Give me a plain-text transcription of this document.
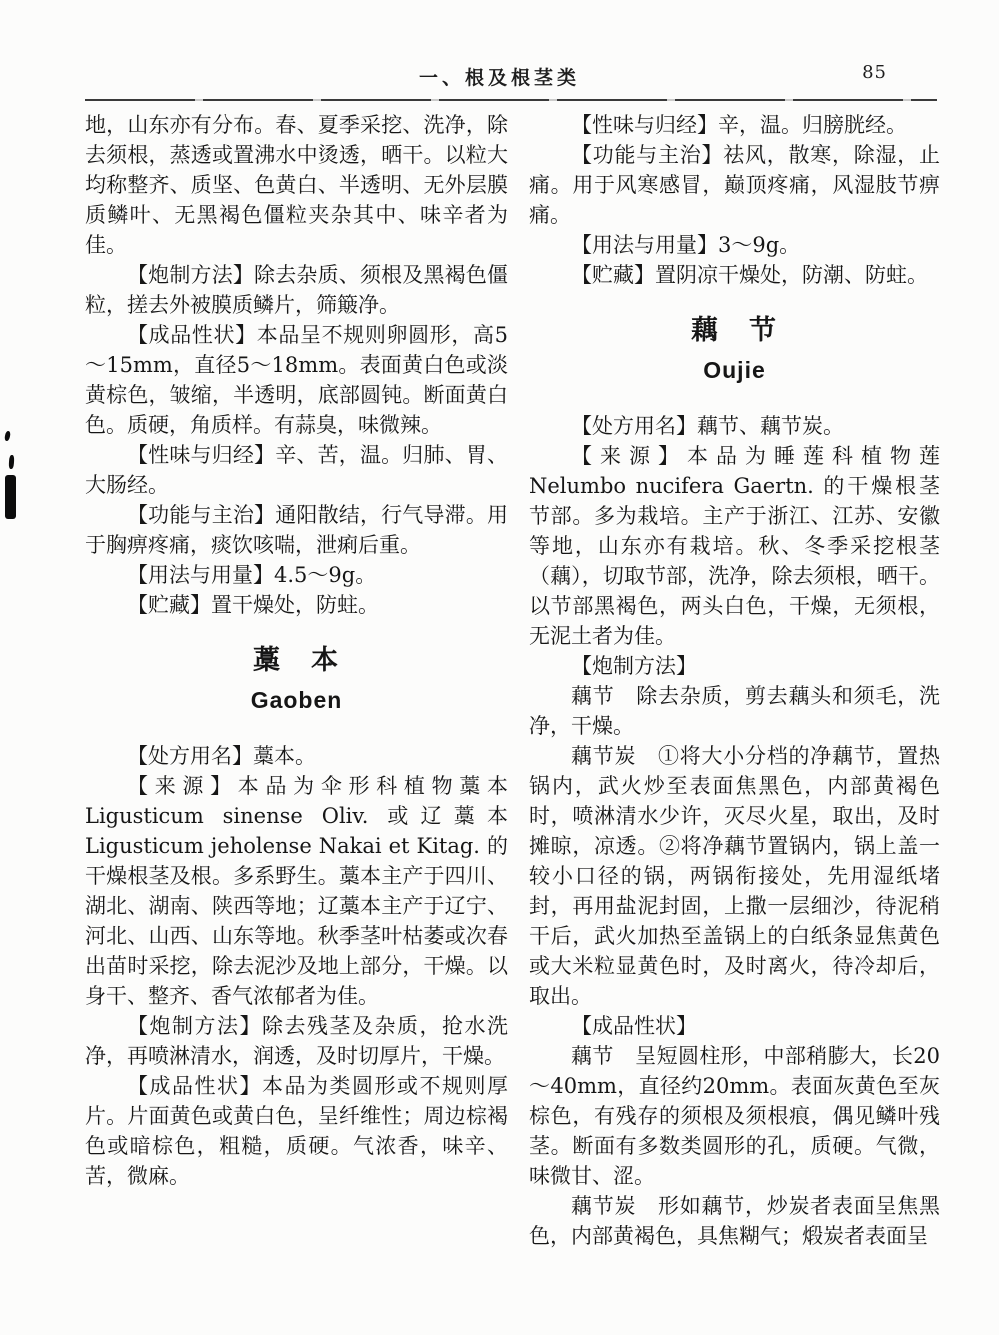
一、根及根茎类	85

地，山东亦有分布。春、夏季采挖、洗净，除去须根，蒸透或置沸水中烫透，晒干。以粒大均称整齐、质坚、色黄白、半透明、无外层膜质鳞叶、无黑褐色僵粒夹杂其中、味辛者为佳。

【炮制方法】除去杂质、须根及黑褐色僵粒，搓去外被膜质鳞片，筛簸净。

【成品性状】本品呈不规则卵圆形，高5～15mm，直径5～18mm。表面黄白色或淡黄棕色，皱缩，半透明，底部圆钝。断面黄白色。质硬，角质样。有蒜臭，味微辣。

【性味与归经】辛、苦，温。归肺、胃、大肠经。

【功能与主治】通阳散结，行气导滞。用于胸痹疼痛，痰饮咳喘，泄痢后重。

【用法与用量】4.5～9g。

【贮藏】置干燥处，防蛀。

藁　本

Gaoben

【处方用名】藁本。

【来源】本品为伞形科植物藁本Ligusticum sinense Oliv. 或辽藁本Ligusticum jeholense Nakai et Kitag. 的干燥根茎及根。多系野生。藁本主产于四川、湖北、湖南、陕西等地；辽藁本主产于辽宁、河北、山西、山东等地。秋季茎叶枯萎或次春出苗时采挖，除去泥沙及地上部分，干燥。以身干、整齐、香气浓郁者为佳。

【炮制方法】除去残茎及杂质，抢水洗净，再喷淋清水，润透，及时切厚片，干燥。

【成品性状】本品为类圆形或不规则厚片。片面黄色或黄白色，呈纤维性；周边棕褐色或暗棕色，粗糙，质硬。气浓香，味辛、苦，微麻。

【性味与归经】辛，温。归膀胱经。

【功能与主治】祛风，散寒，除湿，止痛。用于风寒感冒，巅顶疼痛，风湿肢节痹痛。

【用法与用量】3～9g。

【贮藏】置阴凉干燥处，防潮、防蛀。

藕　节

Oujie

【处方用名】藕节、藕节炭。

【来源】本品为睡莲科植物莲 Nelumbo nucifera Gaertn. 的干燥根茎节部。多为栽培。主产于浙江、江苏、安徽等地，山东亦有栽培。秋、冬季采挖根茎（藕），切取节部，洗净，除去须根，晒干。以节部黑褐色，两头白色，干燥，无须根，无泥土者为佳。

【炮制方法】

藕节　除去杂质，剪去藕头和须毛，洗净，干燥。

藕节炭　①将大小分档的净藕节，置热锅内，武火炒至表面焦黑色，内部黄褐色时，喷淋清水少许，灭尽火星，取出，及时摊晾，凉透。②将净藕节置锅内，锅上盖一较小口径的锅，两锅衔接处，先用湿纸堵封，再用盐泥封固，上撒一层细沙，待泥稍干后，武火加热至盖锅上的白纸条显焦黄色或大米粒显黄色时，及时离火，待冷却后，取出。

【成品性状】

藕节　呈短圆柱形，中部稍膨大，长20～40mm，直径约20mm。表面灰黄色至灰棕色，有残存的须根及须根痕，偶见鳞叶残茎。断面有多数类圆形的孔，质硬。气微，味微甘、涩。

藕节炭　形如藕节，炒炭者表面呈焦黑色，内部黄褐色，具焦糊气；煅炭者表面呈
